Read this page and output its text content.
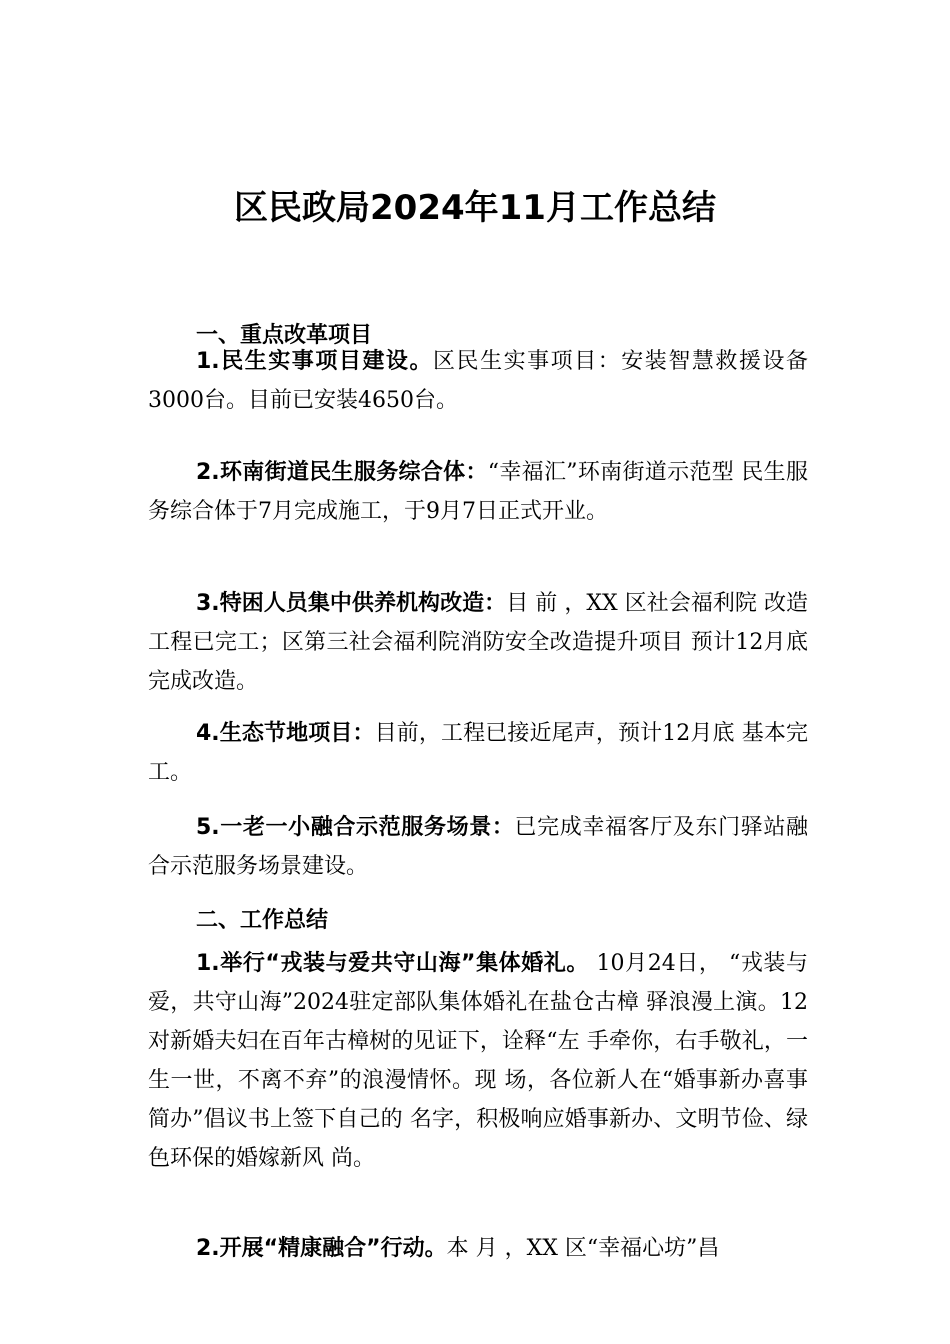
区民政局2024年11月工作总结
一、重点改革项目

1.民生实事项目建设。区民生实事项目：安装智慧救援设备3000台。目前已安装4650台。

2.环南街道民生服务综合体：“幸福汇”环南街道示范型 民生服务综合体于7月完成施工，于9月7日正式开业。

3.特困人员集中供养机构改造：目 前 ，XX 区社会福利院 改造工程已完工；区第三社会福利院消防安全改造提升项目 预计12月底完成改造。

4.生态节地项目：目前，工程已接近尾声，预计12月底 基本完工。

5.一老一小融合示范服务场景：已完成幸福客厅及东门驿站融合示范服务场景建设。

二、工作总结

1.举行“戎装与爱共守山海”集体婚礼。 10月24日， “戎装与爱，共守山海”2024驻定部队集体婚礼在盐仓古樟 驿浪漫上演。12对新婚夫妇在百年古樟树的见证下，诠释“左 手牵你，右手敬礼，一生一世，不离不弃”的浪漫情怀。现 场，各位新人在“婚事新办喜事简办”倡议书上签下自己的 名字，积极响应婚事新办、文明节俭、绿色环保的婚嫁新风 尚。

2.开展“精康融合”行动。本 月 ，XX 区“幸福心坊”昌
